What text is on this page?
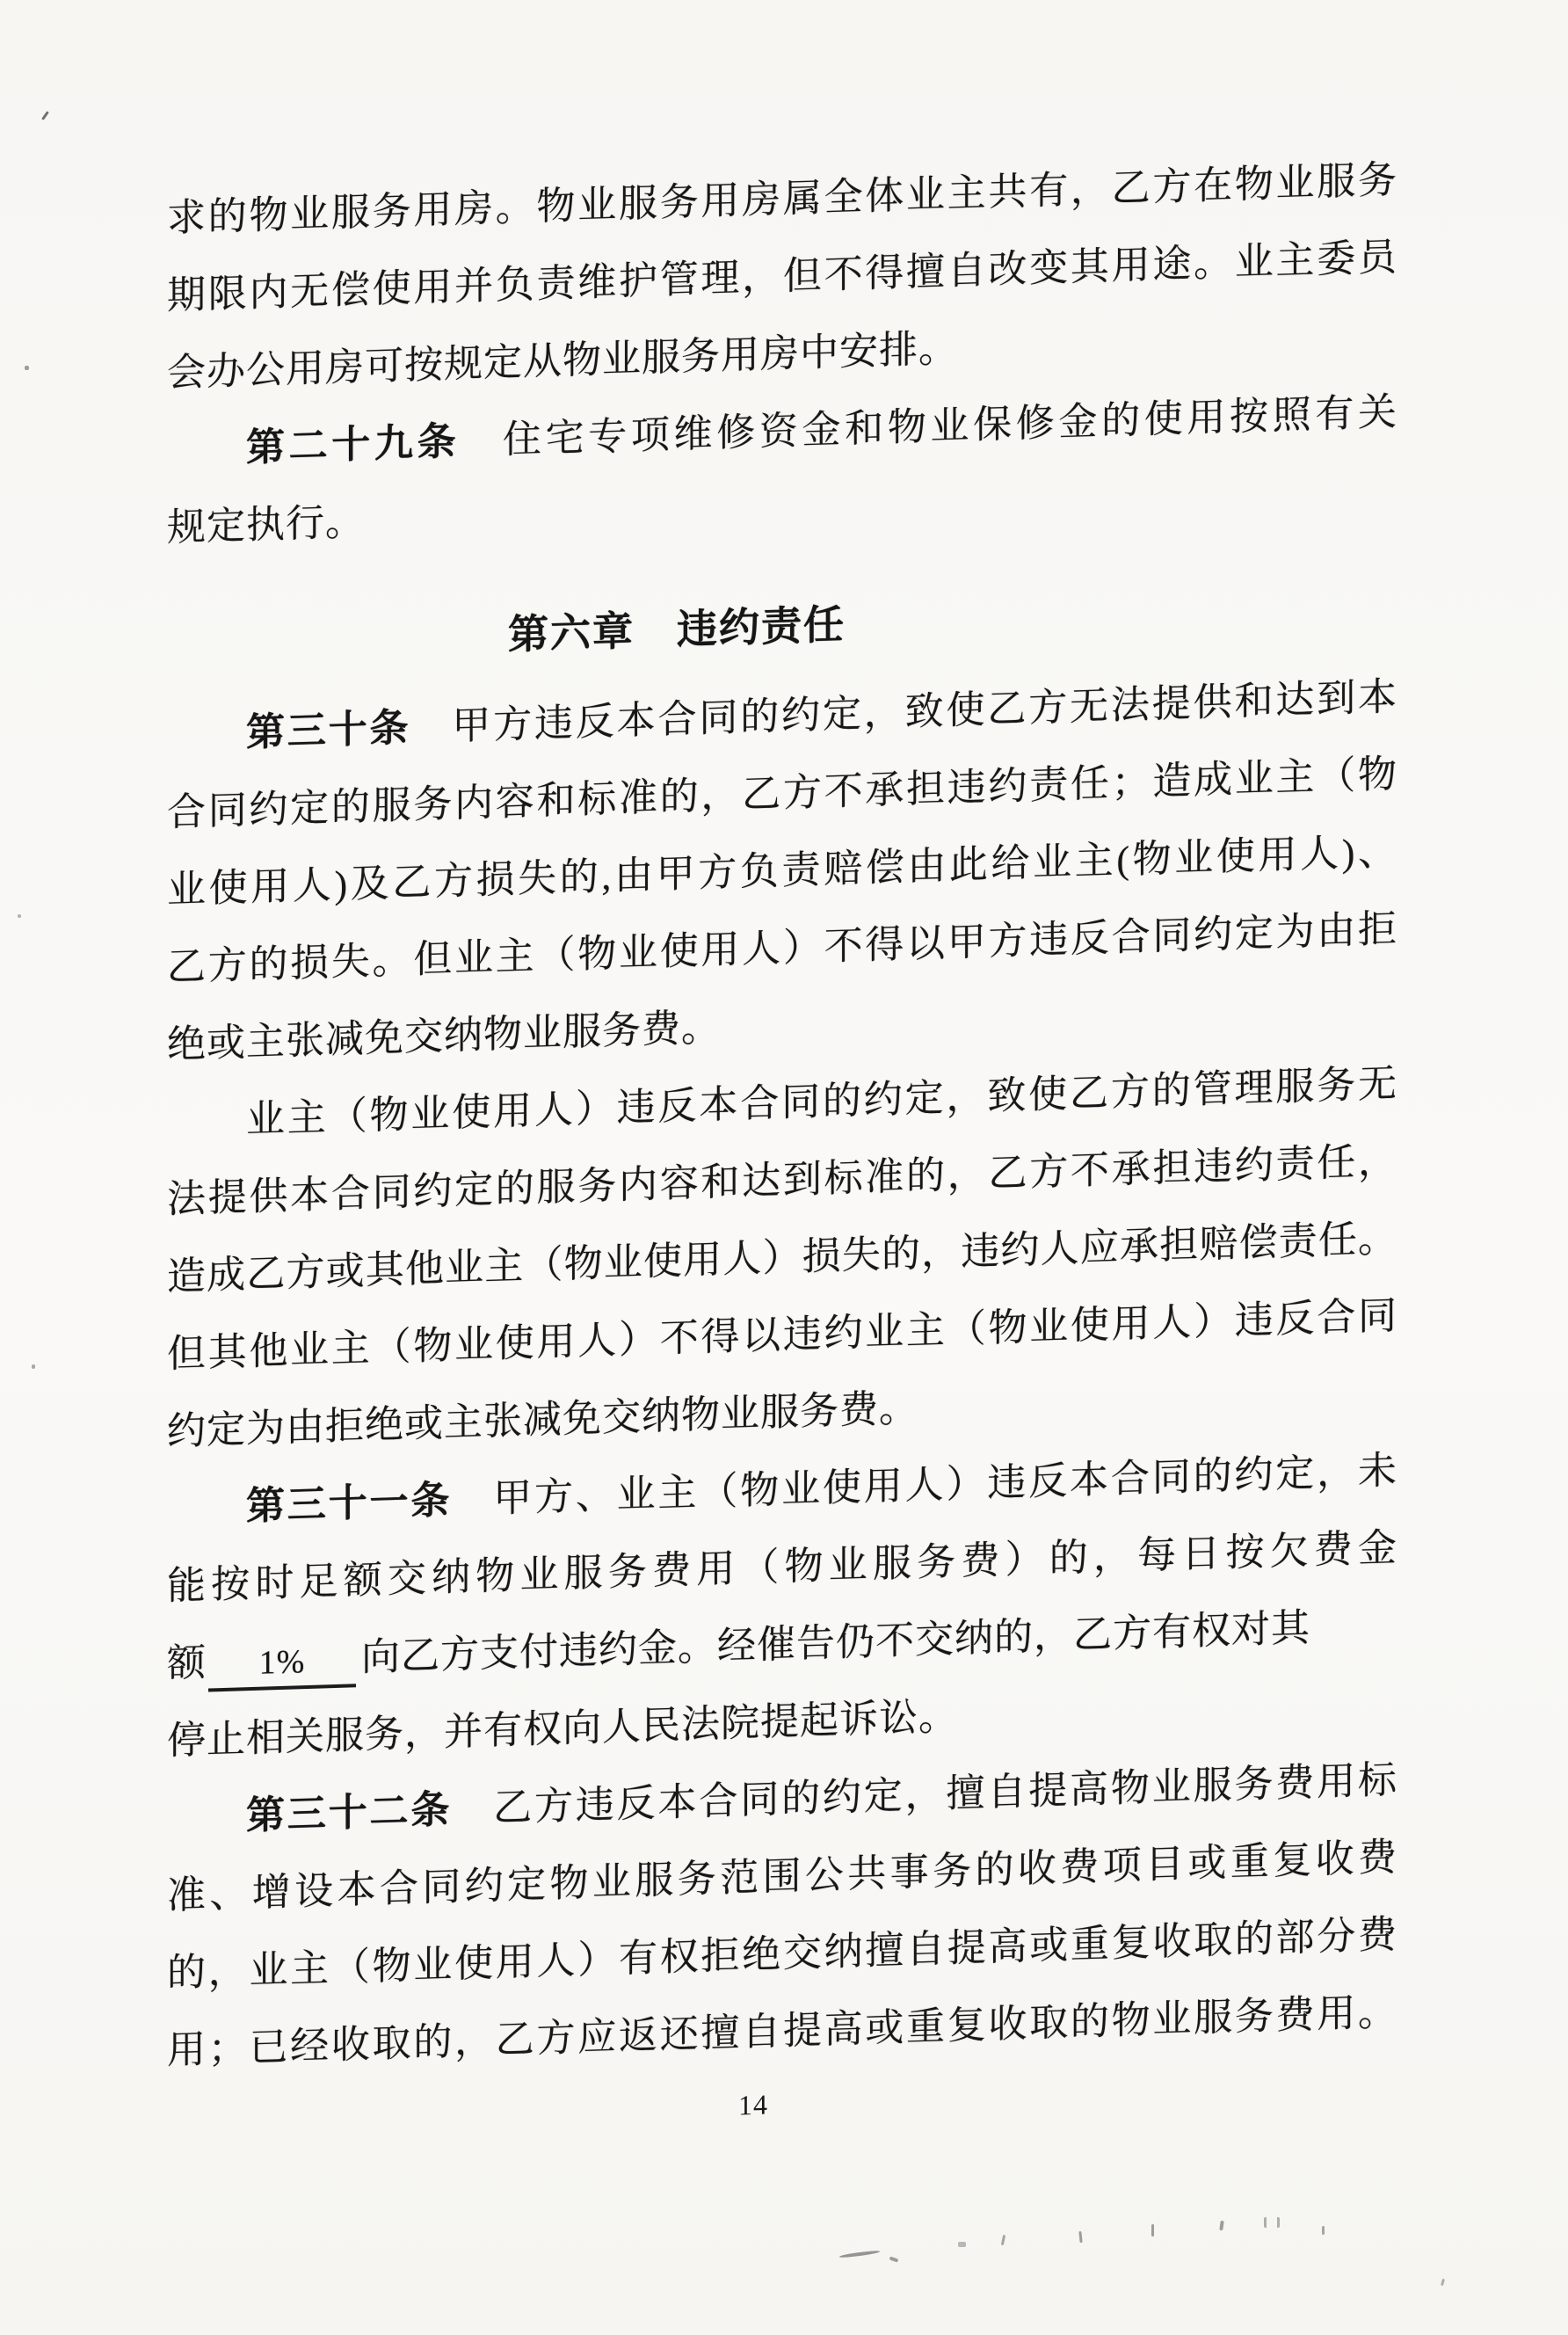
求的物业服务用房。物业服务用房属全体业主共有，乙方在物业服务
期限内无偿使用并负责维护管理，但不得擅自改变其用途。业主委员
会办公用房可按规定从物业服务用房中安排。
第二十九条　住宅专项维修资金和物业保修金的使用按照有关
规定执行。
第六章　违约责任
第三十条　甲方违反本合同的约定，致使乙方无法提供和达到本
合同约定的服务内容和标准的，乙方不承担违约责任；造成业主（物
业使用人)及乙方损失的,由甲方负责赔偿由此给业主(物业使用人)、
乙方的损失。但业主（物业使用人）不得以甲方违反合同约定为由拒
绝或主张减免交纳物业服务费。
业主（物业使用人）违反本合同的约定，致使乙方的管理服务无
法提供本合同约定的服务内容和达到标准的，乙方不承担违约责任，
造成乙方或其他业主（物业使用人）损失的，违约人应承担赔偿责任。
但其他业主（物业使用人）不得以违约业主（物业使用人）违反合同
约定为由拒绝或主张减免交纳物业服务费。
第三十一条　甲方、业主（物业使用人）违反本合同的约定，未
能按时足额交纳物业服务费用（物业服务费）的，每日按欠费金
额 1% 向乙方支付违约金。经催告仍不交纳的，乙方有权对其
停止相关服务，并有权向人民法院提起诉讼。
第三十二条　乙方违反本合同的约定，擅自提高物业服务费用标
准、增设本合同约定物业服务范围公共事务的收费项目或重复收费
的，业主（物业使用人）有权拒绝交纳擅自提高或重复收取的部分费
用；已经收取的，乙方应返还擅自提高或重复收取的物业服务费用。
14
